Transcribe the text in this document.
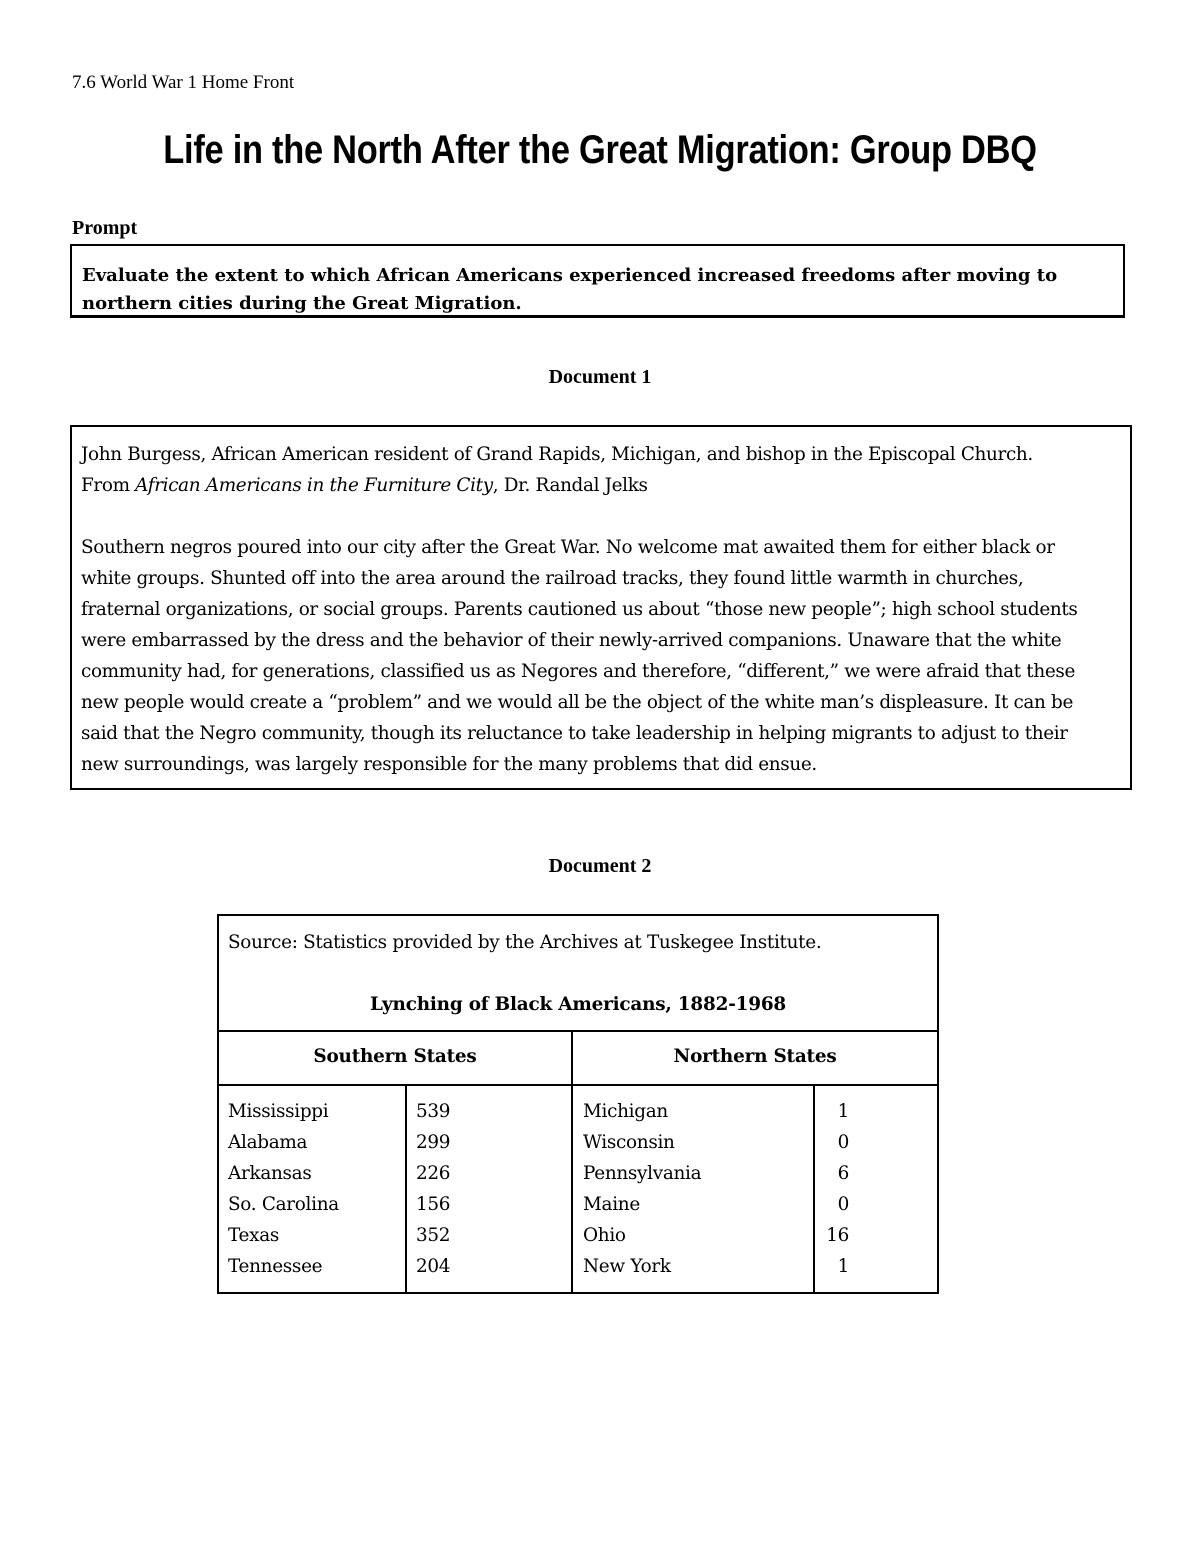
7.6 World War 1 Home Front
Life in the North After the Great Migration: Group DBQ
Prompt
Evaluate the extent to which African Americans experienced increased freedoms after moving to
northern cities during the Great Migration.
Document 1

John Burgess, African American resident of Grand Rapids, Michigan, and bishop in the Episcopal Church.

From African Americans in the Furniture City, Dr. Randal Jelks

Southern negros poured into our city after the Great War. No welcome mat awaited them for either black or

white groups. Shunted off into the area around the railroad tracks, they found little warmth in churches,

fraternal organizations, or social groups. Parents cautioned us about “those new people”; high school students

were embarrassed by the dress and the behavior of their newly-arrived companions. Unaware that the white

community had, for generations, classified us as Negores and therefore, “different,” we were afraid that these

new people would create a “problem” and we would all be the object of the white man’s displeasure. It can be

said that the Negro community, though its reluctance to take leadership in helping migrants to adjust to their

new surroundings, was largely responsible for the many problems that did ensue.

Document 2
Source: Statistics provided by the Archives at Tuskegee Institute.
Lynching of Black Americans, 1882-1968
Southern States	Northern States
Mississippi
Alabama
Arkansas
So. Carolina
Texas
Tennessee
539
299
226
156
352
204
Michigan
Wisconsin
Pennsylvania
Maine
Ohio
New York
1
0
6
0
16
1
